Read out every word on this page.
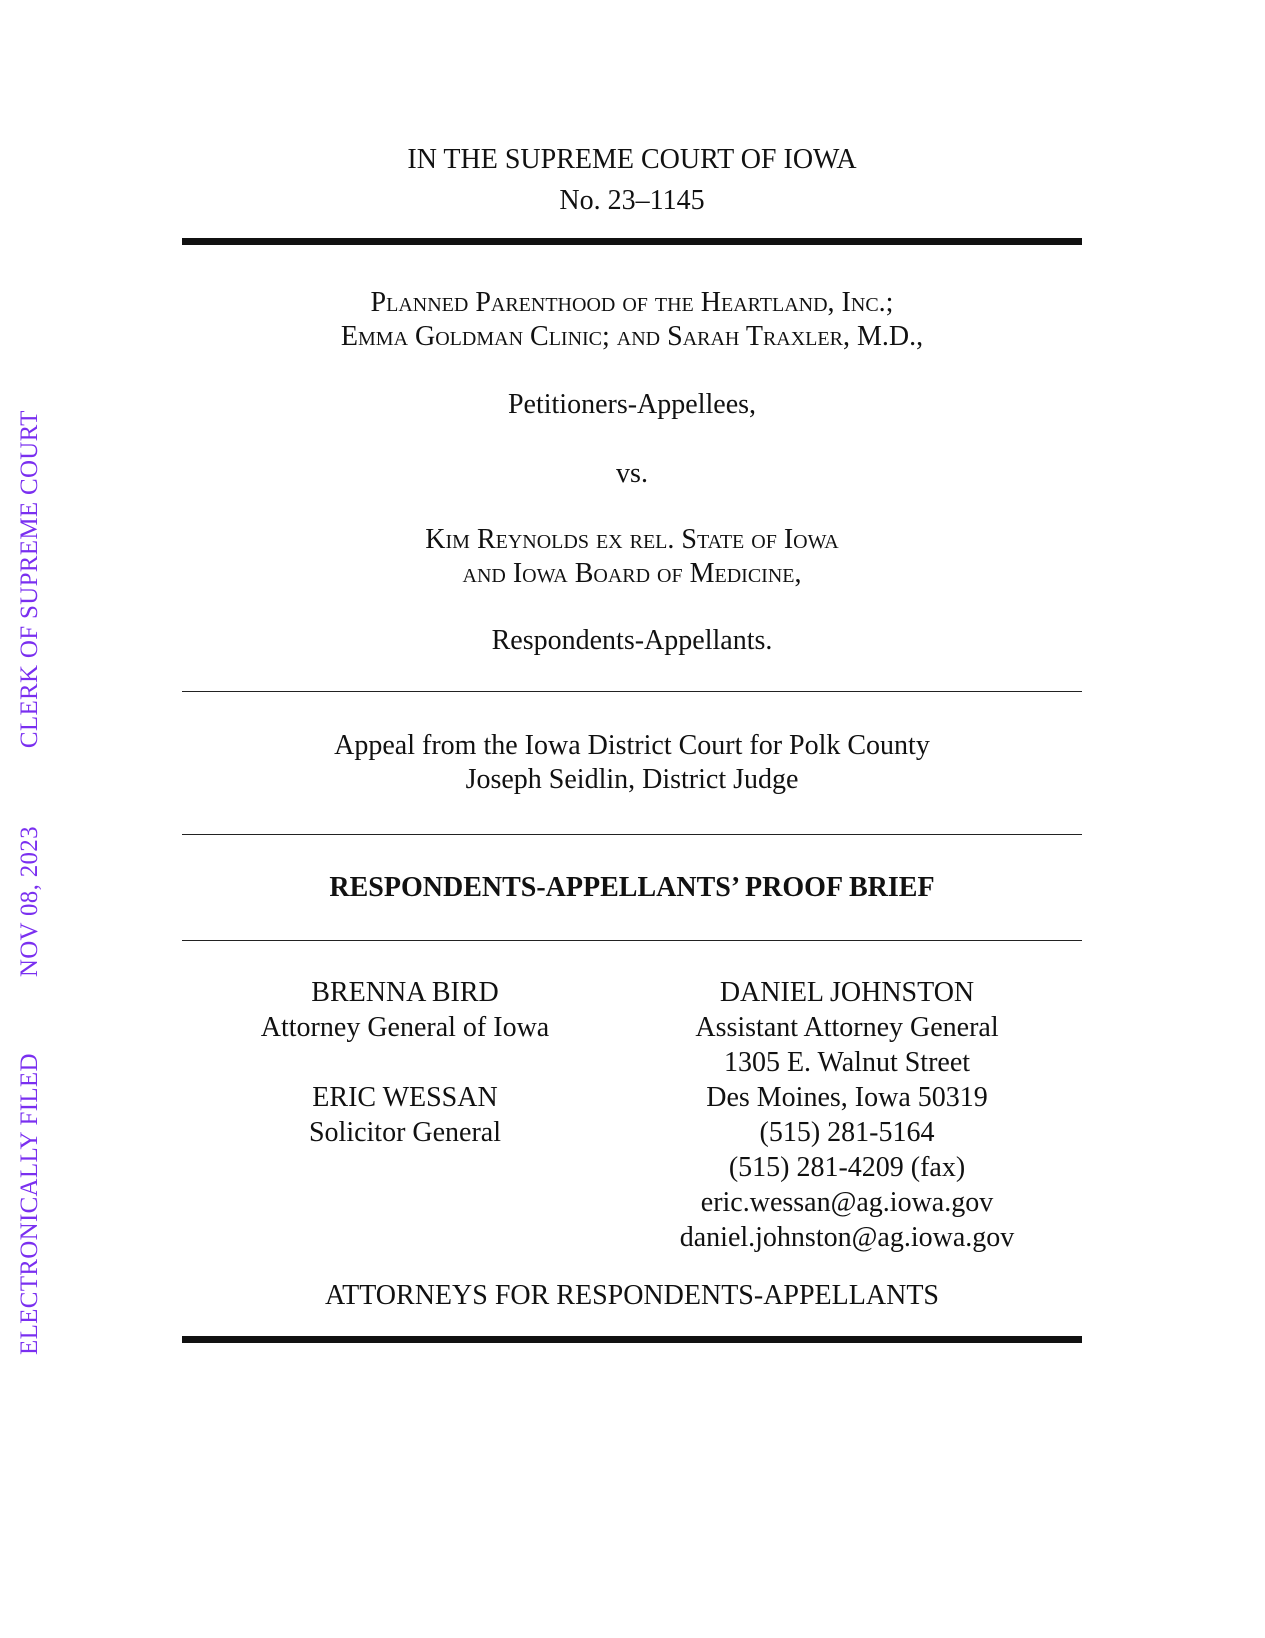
ELECTRONICALLY FILED
NOV 08, 2023
CLERK OF SUPREME COURT
IN THE SUPREME COURT OF IOWA
No. 23–1145
Planned Parenthood of the Heartland, Inc.;
Emma Goldman Clinic; and Sarah Traxler, M.D.,
Petitioners-Appellees,
vs.
Kim Reynolds ex rel. State of Iowa
and Iowa Board of Medicine,
Respondents-Appellants.
Appeal from the Iowa District Court for Polk County
Joseph Seidlin, District Judge
RESPONDENTS-APPELLANTS’ PROOF BRIEF
BRENNA BIRD
Attorney General of Iowa
ERIC WESSAN
Solicitor General
DANIEL JOHNSTON
Assistant Attorney General
1305 E. Walnut Street
Des Moines, Iowa 50319
(515) 281-5164
(515) 281-4209 (fax)
eric.wessan@ag.iowa.gov
daniel.johnston@ag.iowa.gov
ATTORNEYS FOR RESPONDENTS-APPELLANTS
